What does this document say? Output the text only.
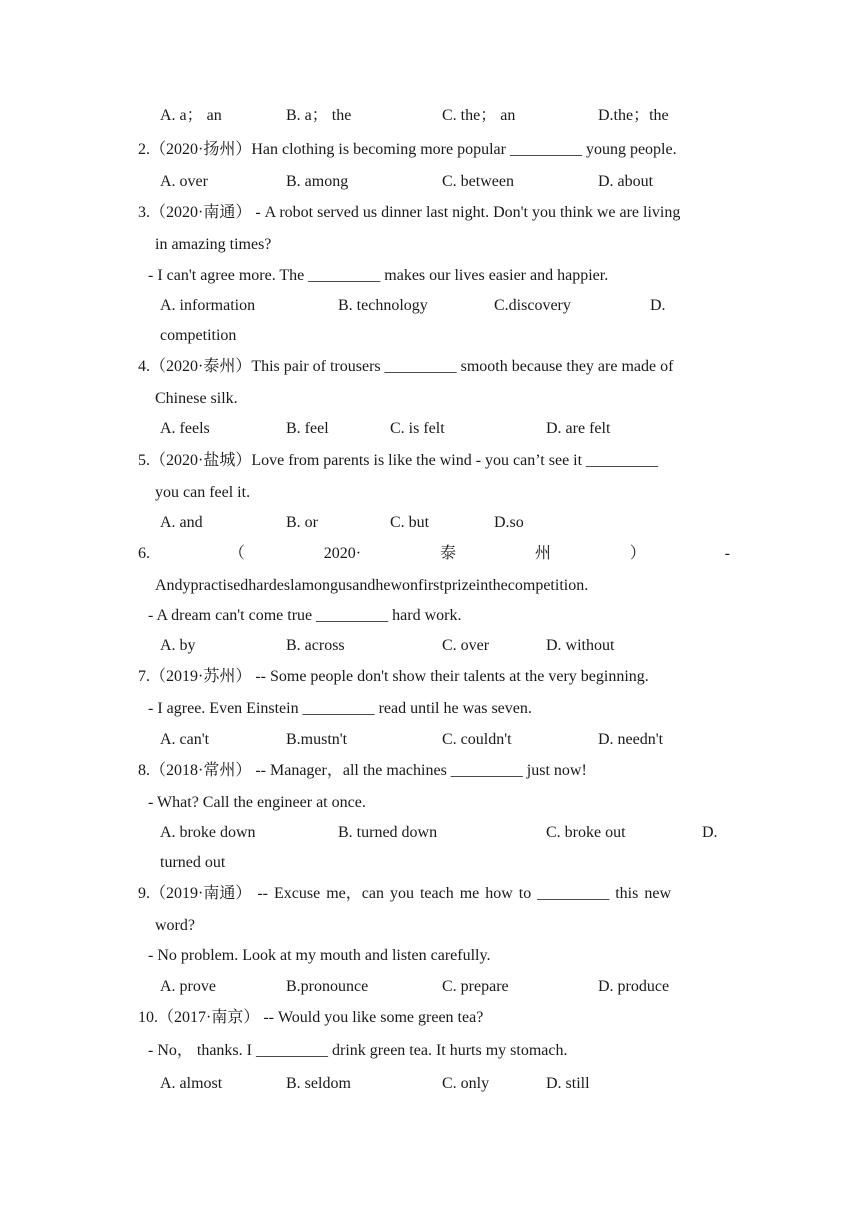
A. a； an	B. a； the	C. the； an	D.the；the
2.（2020·扬州）Han clothing is becoming more popular _________ young people.
A. over	B. among	C. between	D. about
3.（2020·南通） - A robot served us dinner last night. Don't you think we are living
in amazing times?
- I can't agree more. The _________ makes our lives easier and happier.
A. information	B. technology	C.discovery	D.
competition
4.（2020·泰州）This pair of trousers _________ smooth because they are made of
Chinese silk.
A. feels	B. feel	C. is felt	D. are felt
5.（2020·盐城）Love from parents is like the wind - you can’t see it _________
you can feel it.
A. and	B. or	C. but	D.so
6.	（	2020·	泰	州	）	-
Andypractisedhardeslamongusandhewonfirstprizeinthecompetition.
- A dream can't come true _________ hard work.
A. by	B. across	C. over	D. without
7.（2019·苏州） -- Some people don't show their talents at the very beginning.
- I agree. Even Einstein _________ read until he was seven.
A. can't	B.mustn't	C. couldn't	D. needn't
8.（2018·常州） -- Manager，all the machines _________ just now!
- What? Call the engineer at once.
A. broke down	B. turned down	C. broke out	D.
turned out
9.（2019·南通） -- Excuse me，can you teach me how to _________ this new
word?
- No problem. Look at my mouth and listen carefully.
A. prove	B.pronounce	C. prepare	D. produce
10.（2017·南京） -- Would you like some green tea?
- No， thanks. I _________ drink green tea. It hurts my stomach.
A. almost	B. seldom	C. only	D. still
